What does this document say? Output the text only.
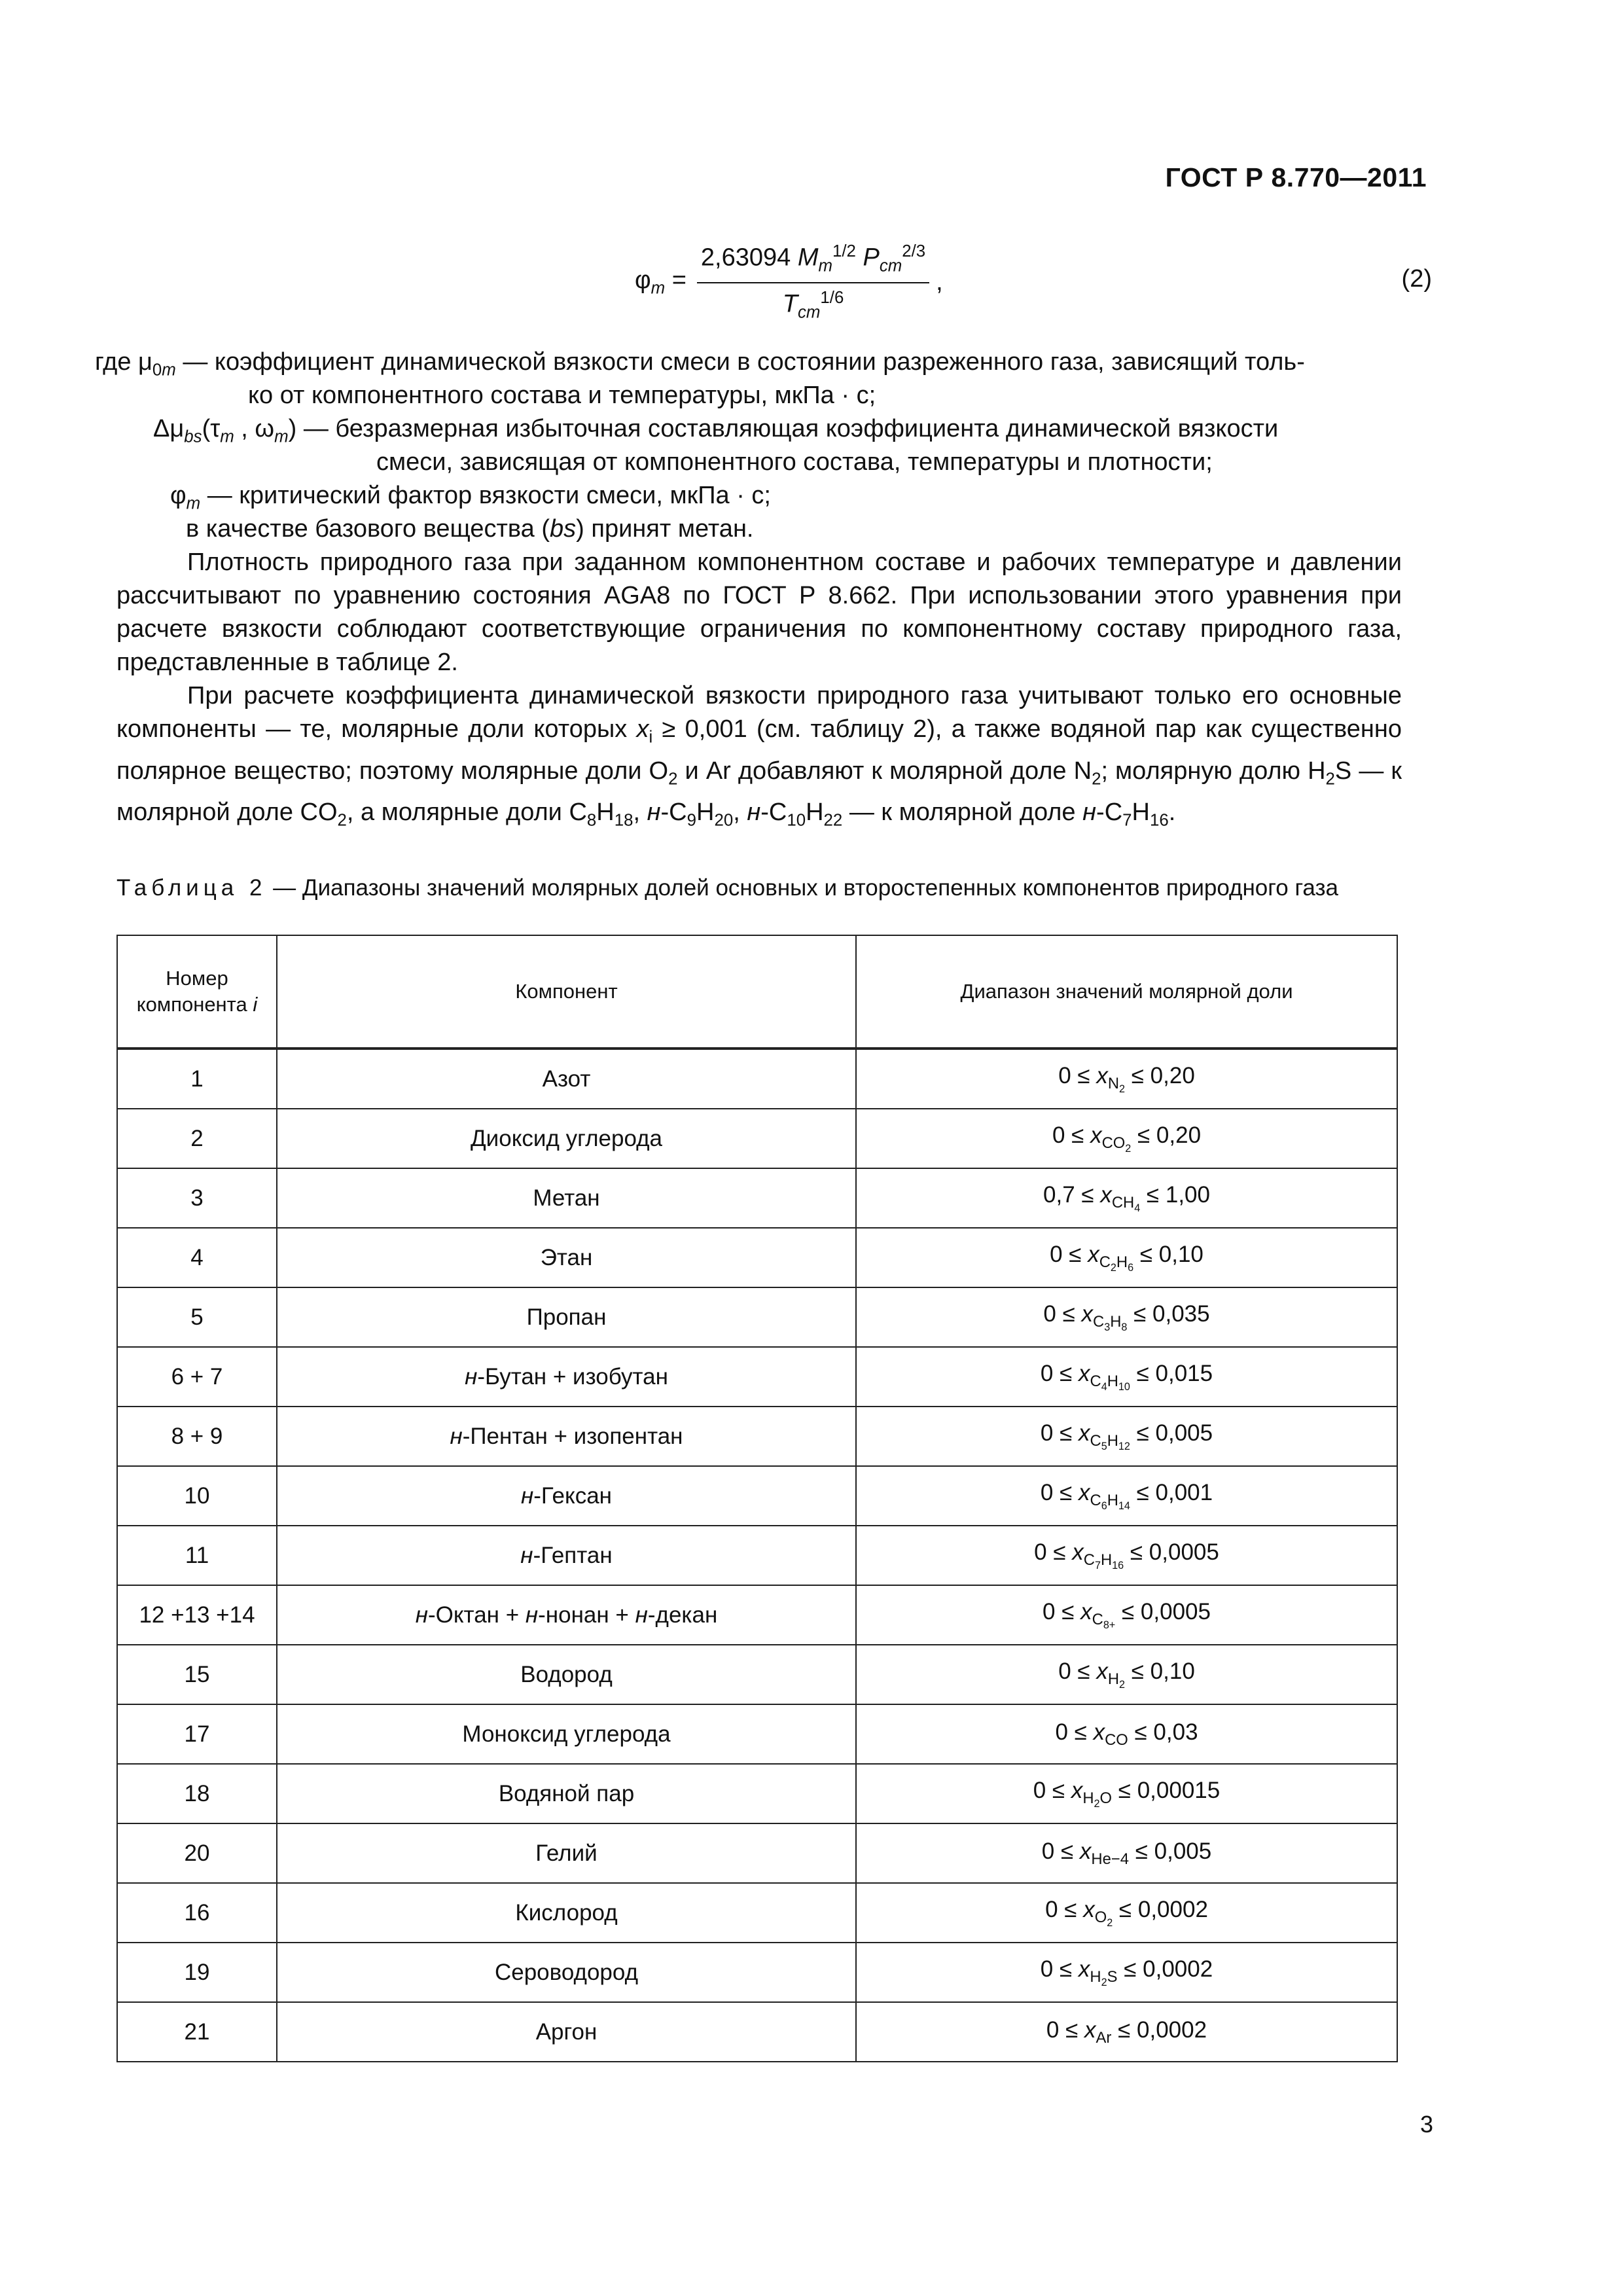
ГОСТ Р 8.770—2011
$\varphi_m = \frac{2,63094 M_m^{1/2} P_{cm}^{2/3}}{T_{cm}^{1/6}}$ ,	(2)
где $\mu_{0m}$ — коэффициент динамической вязкости смеси в состоянии разреженного газа, зависящий толь-
ко от компонентного состава и температуры, мкПа · с;
$\Delta\mu_{bs}(\tau_m$ , $\omega_m$) — безразмерная избыточная составляющая коэффициента динамической вязкости
смеси, зависящая от компонентного состава, температуры и плотности;
$\varphi_m$ — критический фактор вязкости смеси, мкПа · с;
в качестве базового вещества (bs) принят метан.
Плотность природного газа при заданном компонентном составе и рабочих температуре и давлении рассчитывают по уравнению состояния AGA8 по ГОСТ Р 8.662. При использовании этого уравнения при расчете вязкости соблюдают соответствующие ограничения по компонентному составу природного газа, представленные в таблице 2.
При расчете коэффициента динамической вязкости природного газа учитывают только его основные компоненты — те, молярные доли которых $x_i \ge 0,001$ (см. таблицу 2), а также водяной пар как существенно полярное вещество; поэтому молярные доли $O_2$ и Ar добавляют к молярной доле $N_2$; молярную долю $H_2S$ — к молярной доле $CO_2$, а молярные доли $C_8H_{18}$, $н-C_9H_{20}$, $н-C_{10}H_{22}$ — к молярной доле $н-C_7H_{16}$.
Таблица 2 — Диапазоны значений молярных долей основных и второстепенных компонентов природного газа
Номер
компонента i	Компонент	Диапазон значений молярной доли
1	Азот	$0 \le x_{N_2} \le 0,20$
2	Диоксид углерода	$0 \le x_{CO_2} \le 0,20$
3	Метан	$0,7 \le x_{CH_4} \le 1,00$
4	Этан	$0 \le x_{C_2H_6} \le 0,10$
5	Пропан	$0 \le x_{C_3H_8} \le 0,035$
6 + 7	н-Бутан + изобутан	$0 \le x_{C_4H_{10}} \le 0,015$
8 + 9	н-Пентан + изопентан	$0 \le x_{C_5H_{12}} \le 0,005$
10	н-Гексан	$0 \le x_{C_6H_{14}} \le 0,001$
11	н-Гептан	$0 \le x_{C_7H_{16}} \le 0,0005$
12 +13 +14	н-Октан + н-нонан + н-декан	$0 \le x_{C_{8+}} \le 0,0005$
15	Водород	$0 \le x_{H_2} \le 0,10$
17	Моноксид углерода	$0 \le x_{CO} \le 0,03$
18	Водяной пар	$0 \le x_{H_2O} \le 0,00015$
20	Гелий	$0 \le x_{He-4} \le 0,005$
16	Кислород	$0 \le x_{O_2} \le 0,0002$
19	Сероводород	$0 \le x_{H_2S} \le 0,0002$
21	Аргон	$0 \le x_{Ar} \le 0,0002$
3
